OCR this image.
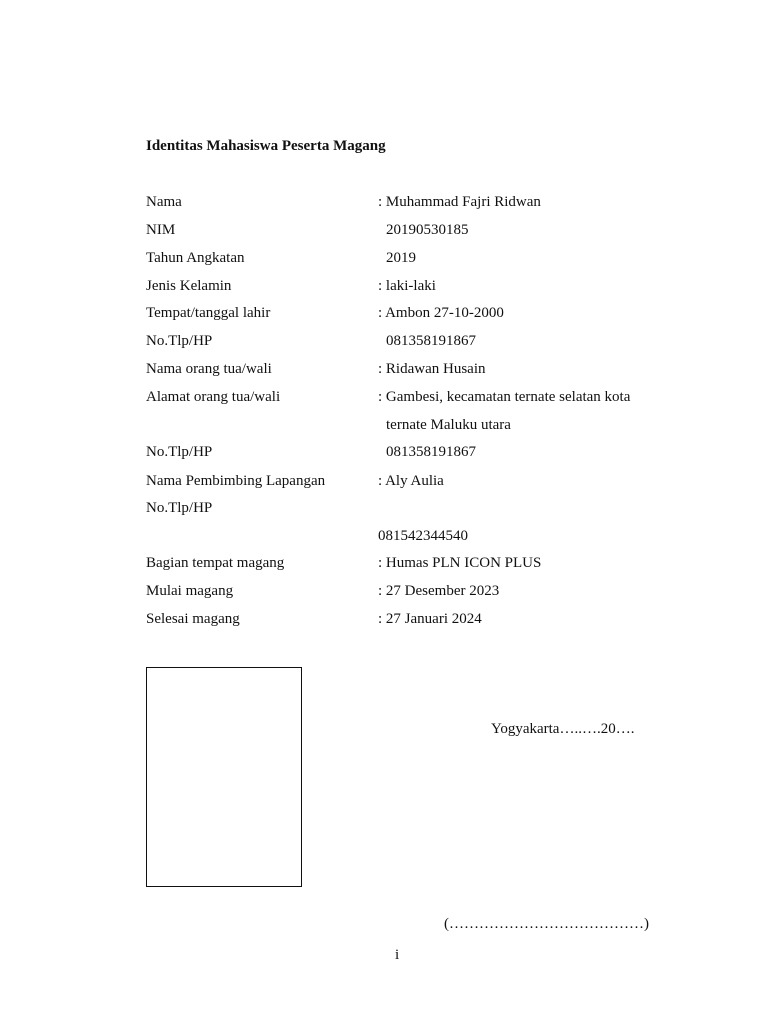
Identitas Mahasiswa Peserta Magang
Nama	: Muhammad Fajri Ridwan
NIM	20190530185
Tahun Angkatan	2019
Jenis Kelamin	: laki-laki
Tempat/tanggal lahir	: Ambon 27-10-2000
No.Tlp/HP	081358191867
Nama orang tua/wali	: Ridawan Husain
Alamat orang tua/wali	: Gambesi, kecamatan ternate selatan kota
ternate Maluku utara
No.Tlp/HP	081358191867
Nama Pembimbing Lapangan	: Aly Aulia
No.Tlp/HP
081542344540
Bagian tempat magang	: Humas PLN ICON PLUS
Mulai magang	: 27 Desember 2023
Selesai magang	: 27 Januari 2024
Yogyakarta…..….20….
(…………………………………)
i
